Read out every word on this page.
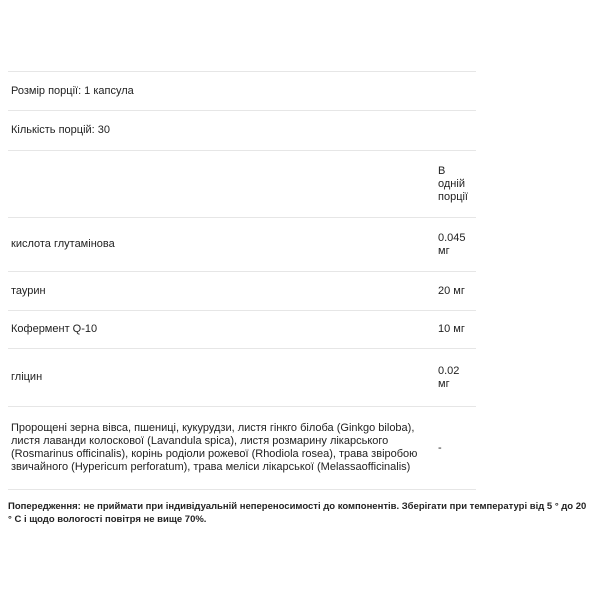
Розмір порції: 1 капсула	
Кількість порцій: 30	
	В одній порції
кислота глутамінова	0.045 мг
таурин	20 мг
Кофермент Q-10	10 мг
гліцин	0.02 мг
Пророщені зерна вівса, пшениці, кукурудзи, листя гінкго білоба (Ginkgo biloba), листя лаванди колоскової (Lavandula spica), листя розмарину лікарського (Rosmarinus officinalis), корінь родіоли рожевої (Rhodiola rosea), трава звіробою звичайного (Hypericum perforatum), трава меліси лікарської (Melassaofficinalis)	-
Попередження: не приймати при індивідуальній непереносимості до компонентів. Зберігати при температурі від 5 ° до 20 ° С і щодо вологості повітря не вище 70%.
